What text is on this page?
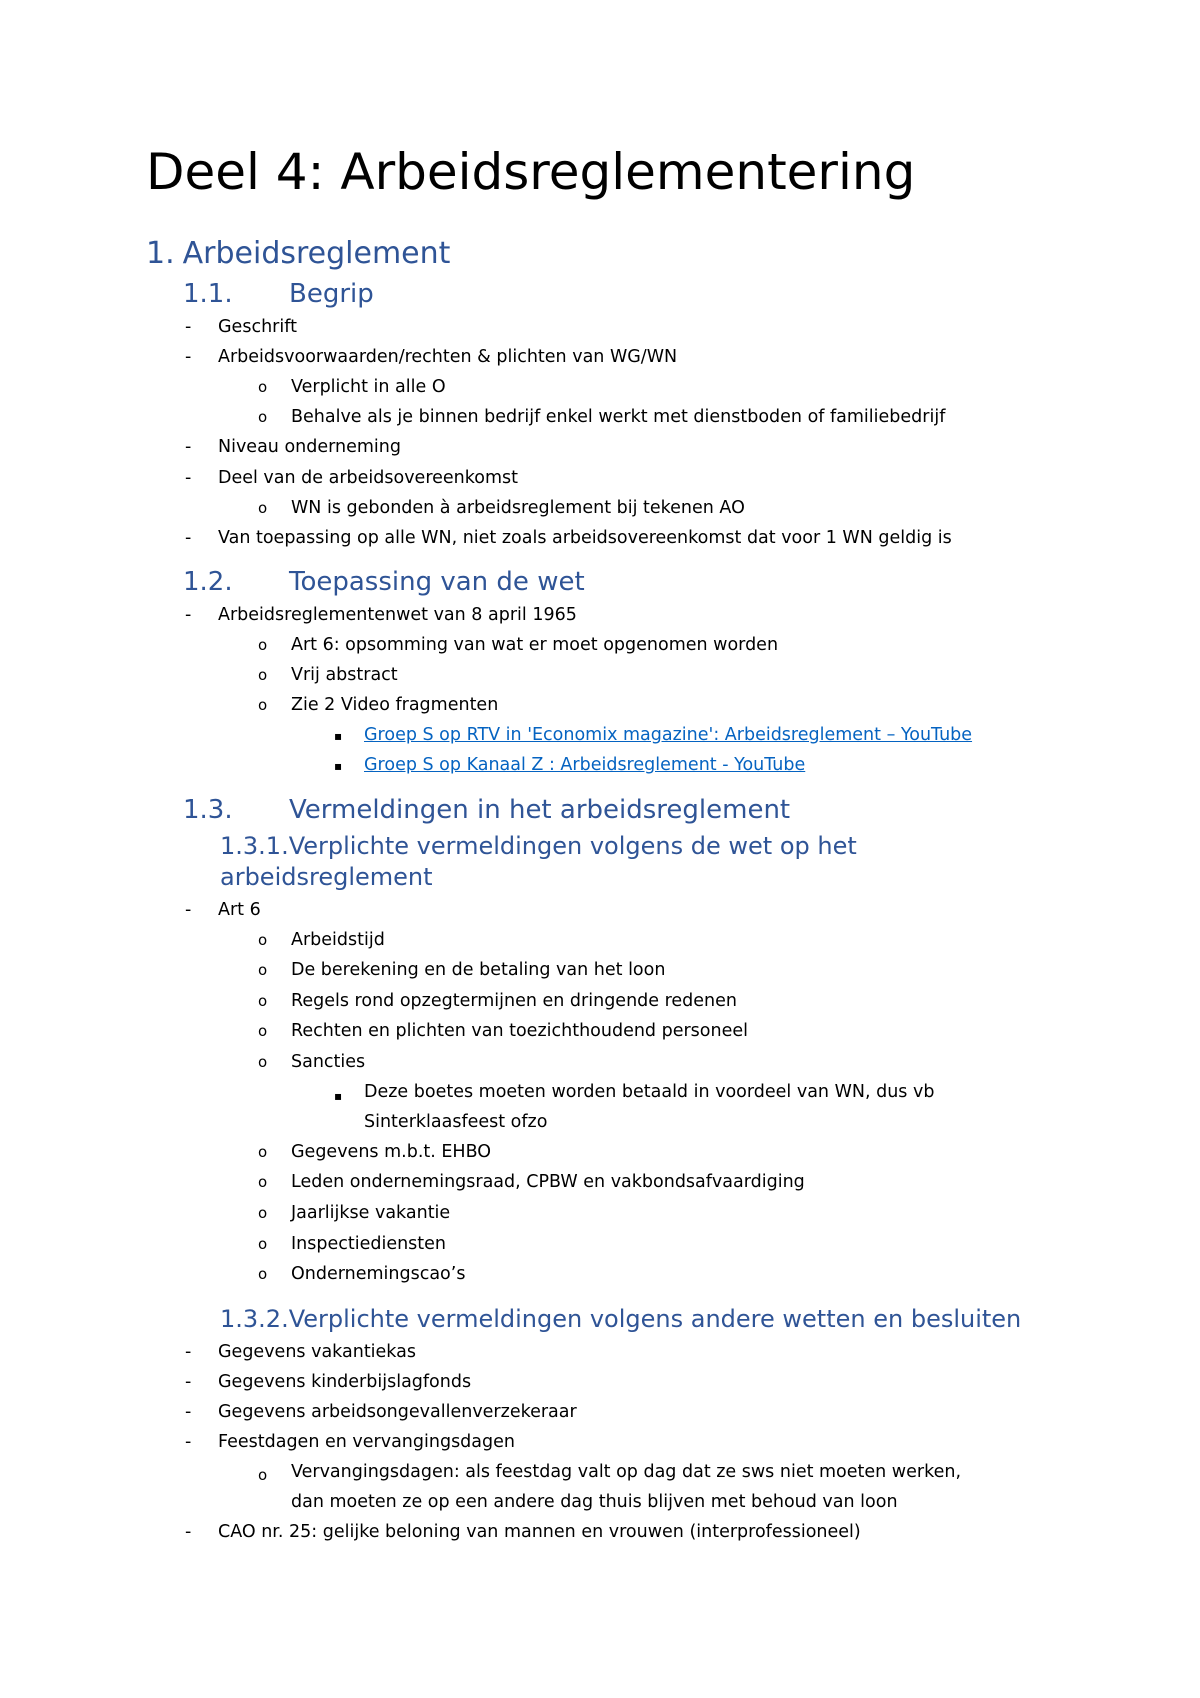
Deel 4: Arbeidsreglementering
1. Arbeidsreglement
1.1. Begrip
- Geschrift
- Arbeidsvoorwaarden/rechten & plichten van WG/WN
o Verplicht in alle O
o Behalve als je binnen bedrijf enkel werkt met dienstboden of familiebedrijf
- Niveau onderneming
- Deel van de arbeidsovereenkomst
o WN is gebonden à arbeidsreglement bij tekenen AO
- Van toepassing op alle WN, niet zoals arbeidsovereenkomst dat voor 1 WN geldig is
1.2. Toepassing van de wet
- Arbeidsreglementenwet van 8 april 1965
o Art 6: opsomming van wat er moet opgenomen worden
o Vrij abstract
o Zie 2 Video fragmenten
▪ Groep S op RTV in 'Economix magazine': Arbeidsreglement – YouTube
▪ Groep S op Kanaal Z : Arbeidsreglement - YouTube
1.3. Vermeldingen in het arbeidsreglement
1.3.1.Verplichte vermeldingen volgens de wet op het arbeidsreglement
- Art 6
o Arbeidstijd
o De berekening en de betaling van het loon
o Regels rond opzegtermijnen en dringende redenen
o Rechten en plichten van toezichthoudend personeel
o Sancties
▪ Deze boetes moeten worden betaald in voordeel van WN, dus vb Sinterklaasfeest ofzo
o Gegevens m.b.t. EHBO
o Leden ondernemingsraad, CPBW en vakbondsafvaardiging
o Jaarlijkse vakantie
o Inspectiediensten
o Ondernemingscao’s
1.3.2.Verplichte vermeldingen volgens andere wetten en besluiten
- Gegevens vakantiekas
- Gegevens kinderbijslagfonds
- Gegevens arbeidsongevallenverzekeraar
- Feestdagen en vervangingsdagen
o Vervangingsdagen: als feestdag valt op dag dat ze sws niet moeten werken, dan moeten ze op een andere dag thuis blijven met behoud van loon
- CAO nr. 25: gelijke beloning van mannen en vrouwen (interprofessioneel)
